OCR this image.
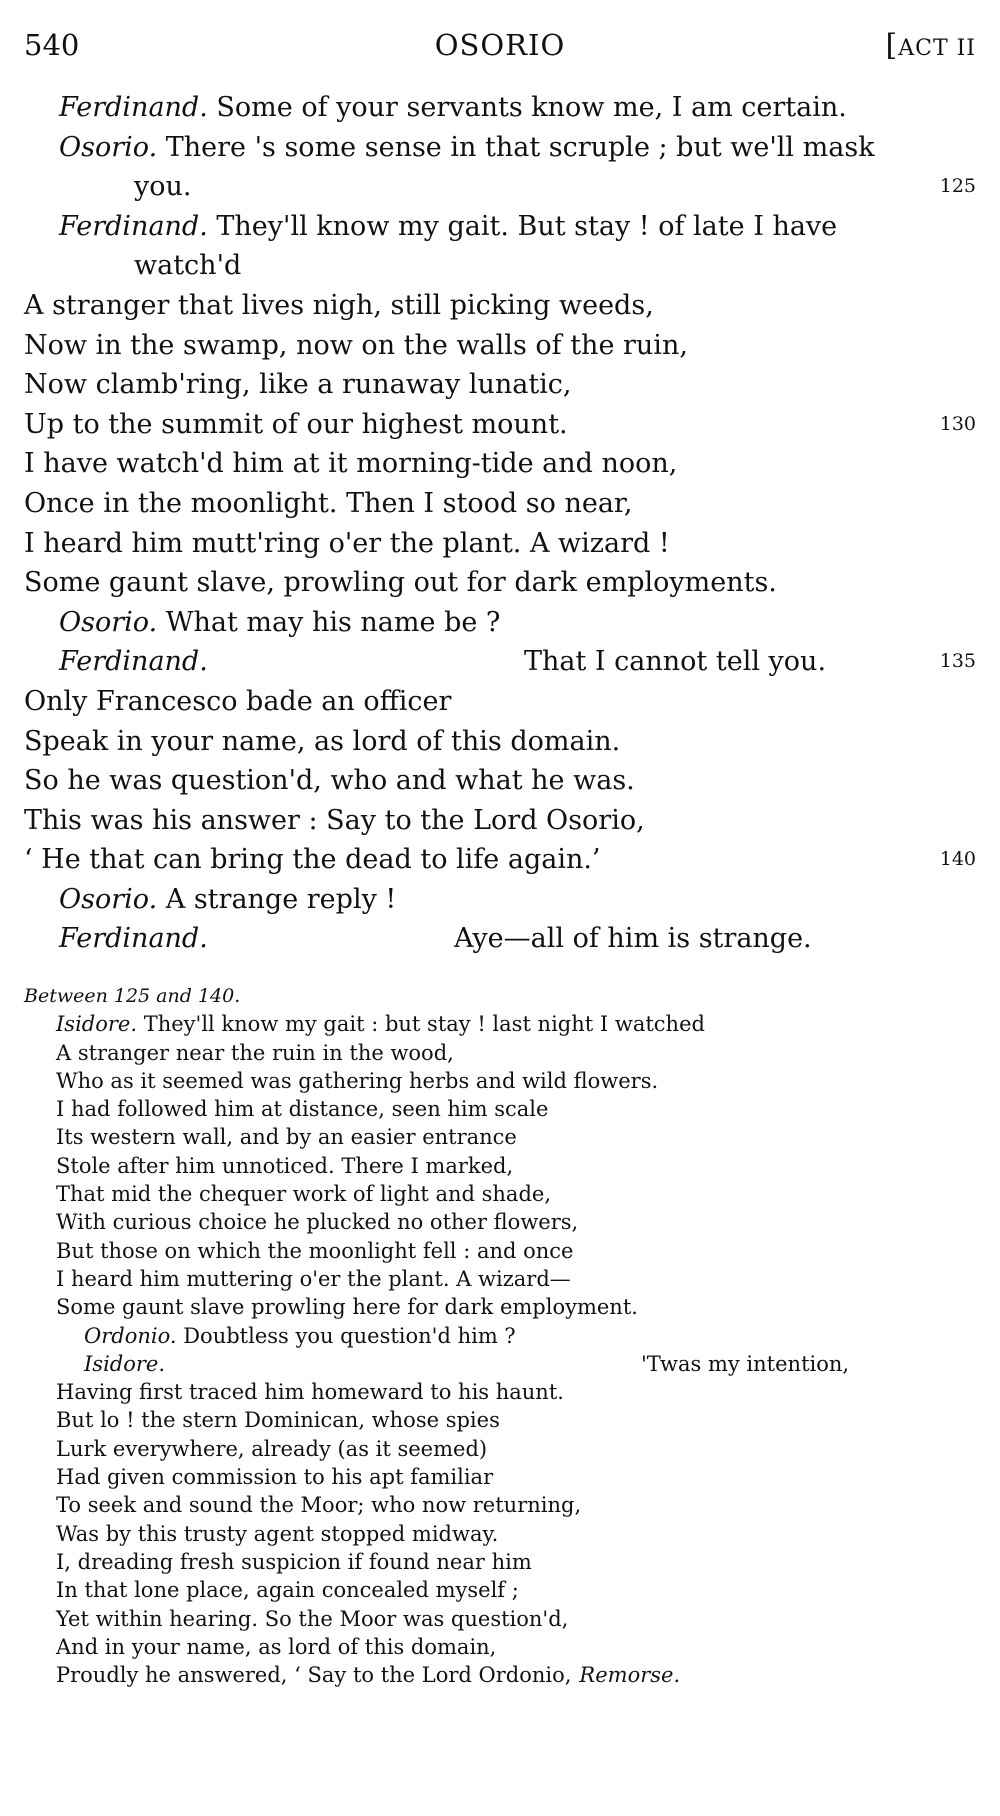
540	OSORIO	[ACT II
Ferdinand. Some of your servants know me, I am certain.
Osorio. There 's some sense in that scruple ; but we'll mask
you.	125
Ferdinand. They'll know my gait. But stay ! of late I have
watch'd
A stranger that lives nigh, still picking weeds,
Now in the swamp, now on the walls of the ruin,
Now clamb'ring, like a runaway lunatic,
Up to the summit of our highest mount.	130
I have watch'd him at it morning-tide and noon,
Once in the moonlight. Then I stood so near,
I heard him mutt'ring o'er the plant. A wizard !
Some gaunt slave, prowling out for dark employments.
Osorio. What may his name be ?
Ferdinand.	That I cannot tell you.	135
Only Francesco bade an officer
Speak in your name, as lord of this domain.
So he was question'd, who and what he was.
This was his answer : Say to the Lord Osorio,
‘ He that can bring the dead to life again.’	140
Osorio. A strange reply !
Ferdinand.	Aye—all of him is strange.
Between 125 and 140.
Isidore. They'll know my gait : but stay ! last night I watched
A stranger near the ruin in the wood,
Who as it seemed was gathering herbs and wild flowers.
I had followed him at distance, seen him scale
Its western wall, and by an easier entrance
Stole after him unnoticed. There I marked,
That mid the chequer work of light and shade,
With curious choice he plucked no other flowers,
But those on which the moonlight fell : and once
I heard him muttering o'er the plant. A wizard—
Some gaunt slave prowling here for dark employment.
Ordonio. Doubtless you question'd him ?
Isidore.	'Twas my intention,
Having first traced him homeward to his haunt.
But lo ! the stern Dominican, whose spies
Lurk everywhere, already (as it seemed)
Had given commission to his apt familiar
To seek and sound the Moor; who now returning,
Was by this trusty agent stopped midway.
I, dreading fresh suspicion if found near him
In that lone place, again concealed myself ;
Yet within hearing. So the Moor was question'd,
And in your name, as lord of this domain,
Proudly he answered, ‘ Say to the Lord Ordonio, Remorse.
